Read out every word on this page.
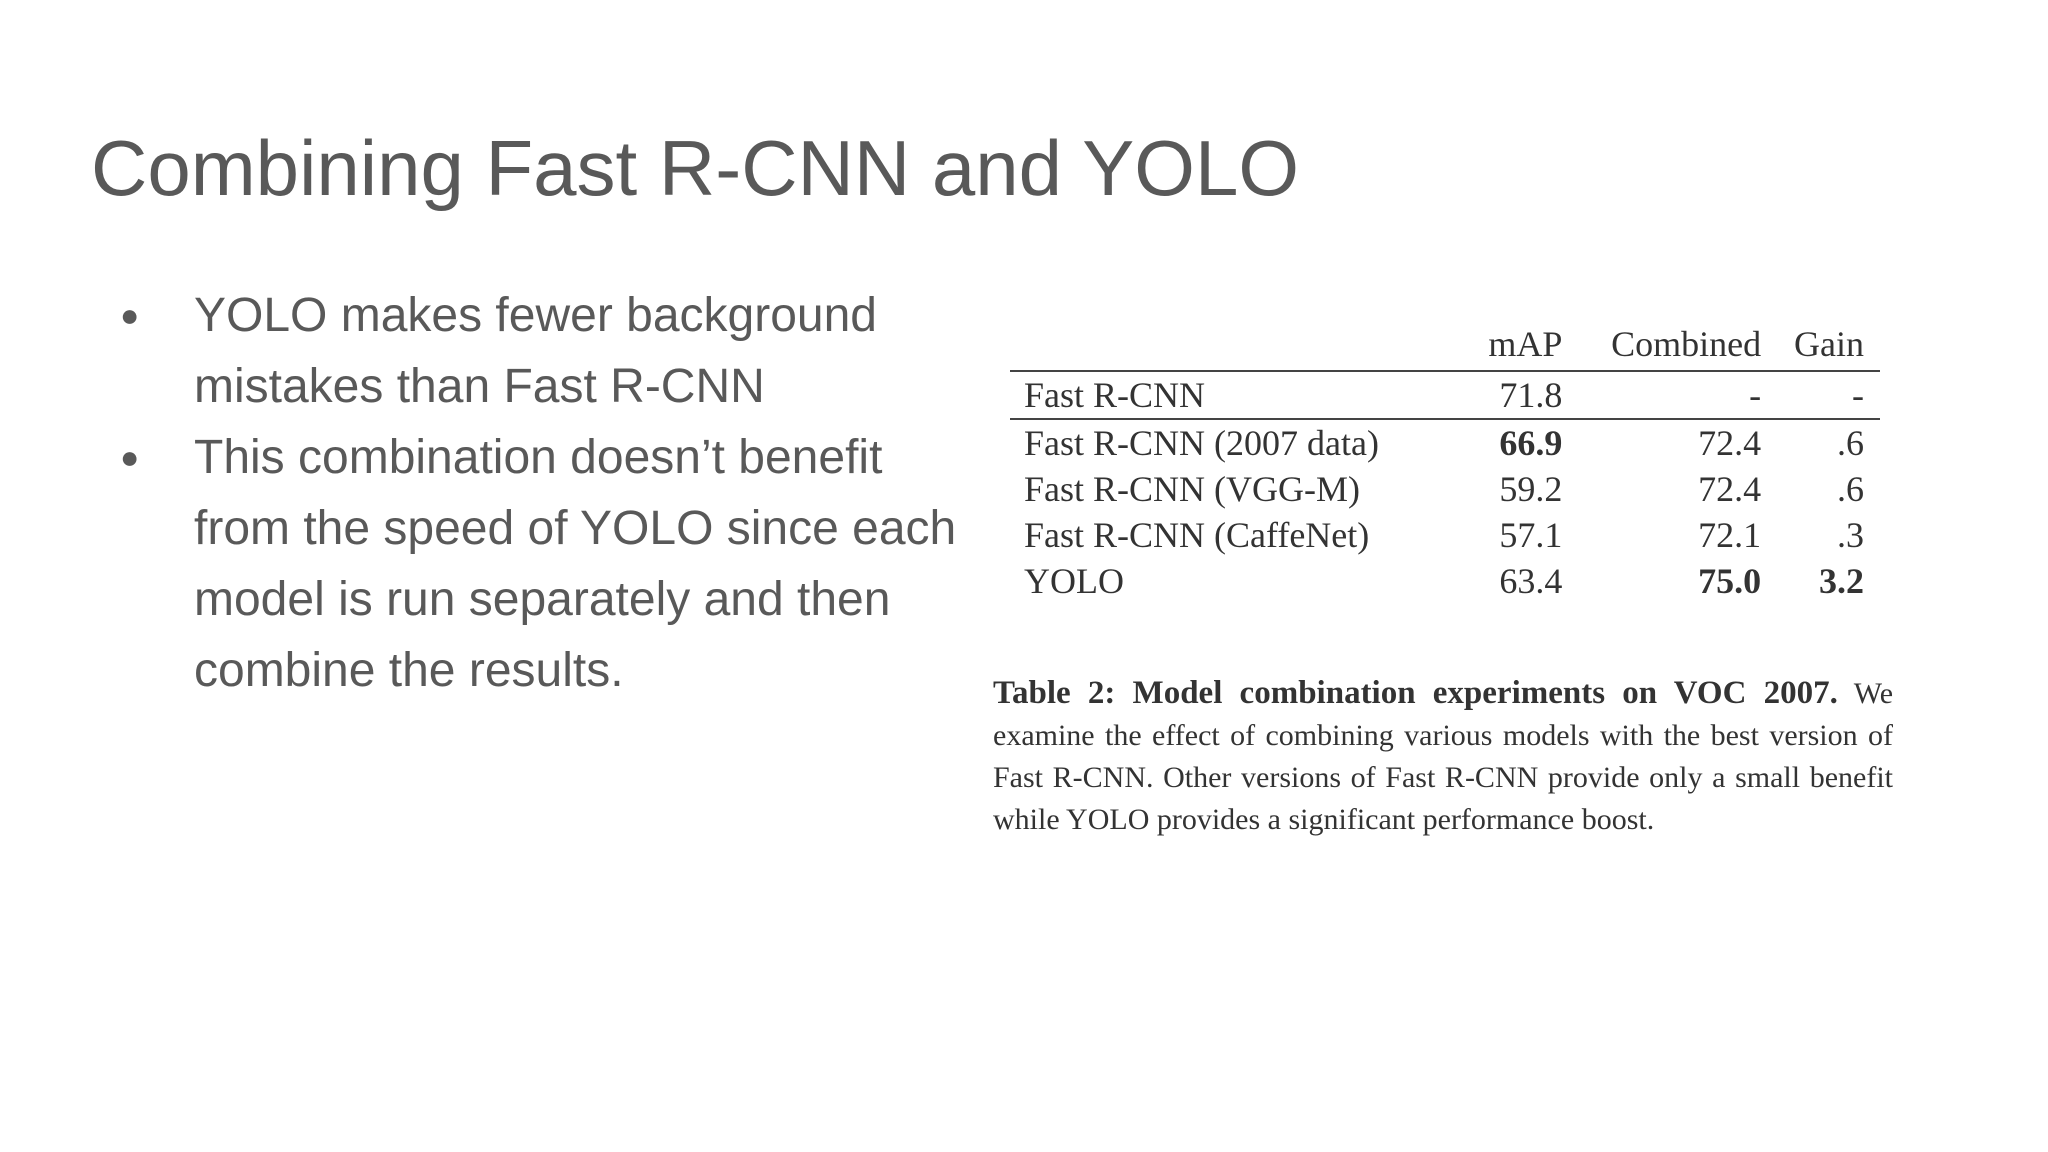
Combining Fast R-CNN and YOLO
● YOLO makes fewer background mistakes than Fast R-CNN
● This combination doesn’t benefit from the speed of YOLO since each model is run separately and then combine the results.
	mAP	Combined	Gain
Fast R-CNN	71.8	-	-
Fast R-CNN (2007 data)	66.9	72.4	.6
Fast R-CNN (VGG-M)	59.2	72.4	.6
Fast R-CNN (CaffeNet)	57.1	72.1	.3
YOLO	63.4	75.0	3.2

Table 2: Model combination experiments on VOC 2007. We examine the effect of combining various models with the best version of Fast R-CNN. Other versions of Fast R-CNN provide only a small benefit while YOLO provides a significant performance boost.
